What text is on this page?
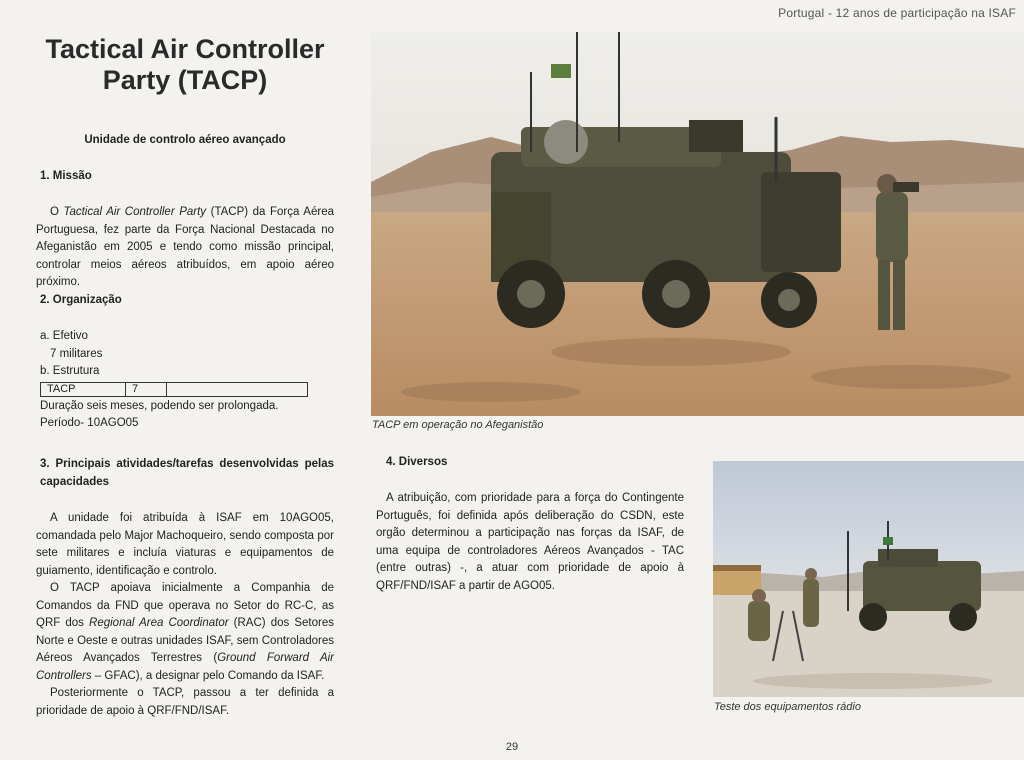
Portugal - 12 anos de participação na ISAF
Tactical Air Controller
Party (TACP)
Unidade de controlo aéreo avançado
1. Missão
O Tactical Air Controller Party (TACP) da Força Aérea Portuguesa, fez parte da Força Nacional Destacada no Afeganistão em 2005 e tendo como missão principal, controlar meios aéreos atribuídos, em apoio aéreo próximo.
2. Organização
a. Efetivo
7 militares
b. Estrutura
TACP	7	
Duração seis meses, podendo ser prolongada.
Período- 10AGO05
3. Principais atividades/tarefas desenvolvidas pelas capacidades
A unidade foi atribuída à ISAF em 10AGO05, comandada pelo Major Machoqueiro, sendo composta por sete militares e incluía viaturas e equipamentos de guiamento, identificação e controlo.
O TACP apoiava inicialmente a Companhia de Comandos da FND que operava no Setor do RC-C, as QRF dos Regional Area Coordinator (RAC) dos Setores Norte e Oeste e outras unidades ISAF, sem Controladores Aéreos Avançados Terrestres (Ground Forward Air Controllers – GFAC), a designar pelo Comando da ISAF.
Posteriormente o TACP, passou a ter definida a prioridade de apoio à QRF/FND/ISAF.
TACP em operação no Afeganistão
4. Diversos
A atribuição, com prioridade para a força do Contingente Português, foi definida após deliberação do CSDN, este orgão determinou a participação nas forças da ISAF, de uma equipa de controladores Aéreos Avançados - TAC (entre outras) -, a atuar com prioridade de apoio à QRF/FND/ISAF a partir de AGO05.
Teste dos equipamentos rádio
29
